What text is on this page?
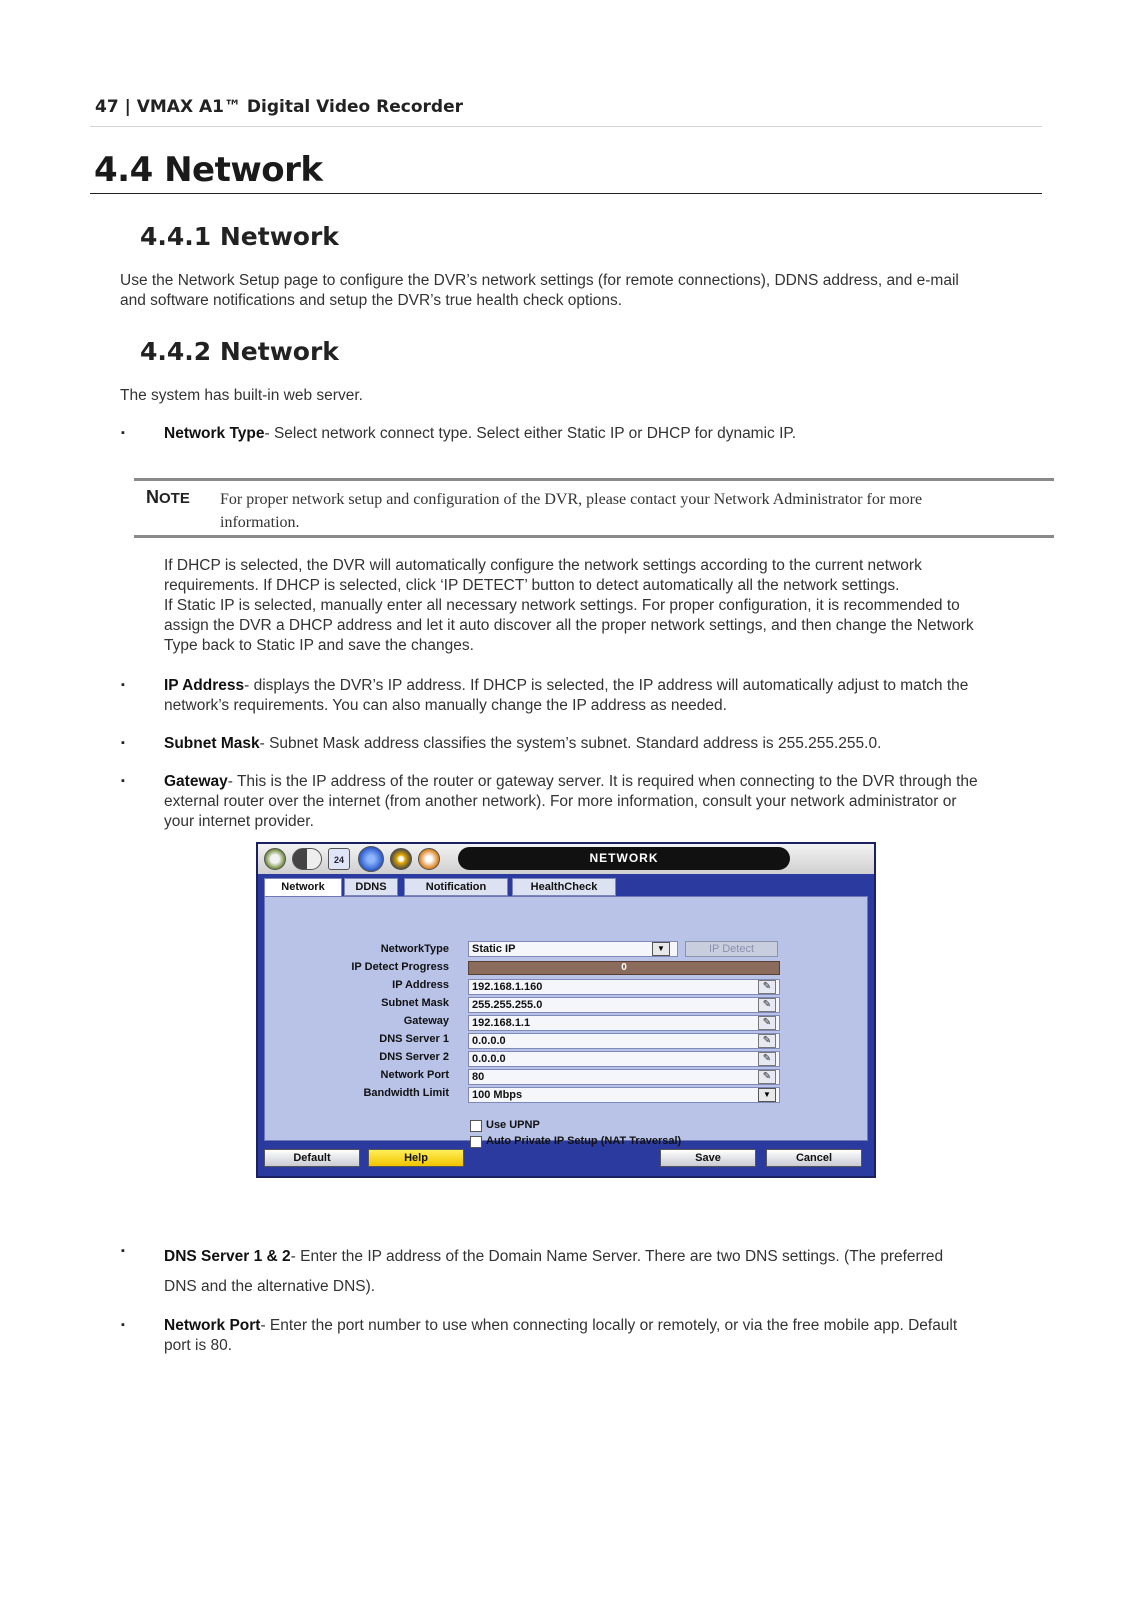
47 | VMAX A1™ Digital Video Recorder
4.4 Network
4.4.1 Network
Use the Network Setup page to configure the DVR’s network settings (for remote connections), DDNS address, and e-mail
and software notifications and setup the DVR’s true health check options.
4.4.2 Network
The system has built-in web server.
▪	Network Type- Select network connect type. Select either Static IP or DHCP for dynamic IP.
NOTE For proper network setup and configuration of the DVR, please contact your Network Administrator for more
information.
If DHCP is selected, the DVR will automatically configure the network settings according to the current network
requirements. If DHCP is selected, click ‘IP DETECT’ button to detect automatically all the network settings.
If Static IP is selected, manually enter all necessary network settings. For proper configuration, it is recommended to
assign the DVR a DHCP address and let it auto discover all the proper network settings, and then change the Network
Type back to Static IP and save the changes.
▪	IP Address- displays the DVR’s IP address. If DHCP is selected, the IP address will automatically adjust to match the
network’s requirements. You can also manually change the IP address as needed.
▪	Subnet Mask- Subnet Mask address classifies the system’s subnet. Standard address is 255.255.255.0.
▪	Gateway- This is the IP address of the router or gateway server. It is required when connecting to the DVR through the
external router over the internet (from another network). For more information, consult your network administrator or
your internet provider.
24	NETWORK
Network	DDNS	Notification	HealthCheck
NetworkType	Static IP	▼	IP Detect
IP Detect Progress	0
IP Address	192.168.1.160	✎
Subnet Mask	255.255.255.0	✎
Gateway	192.168.1.1	✎
DNS Server 1	0.0.0.0	✎
DNS Server 2	0.0.0.0	✎
Network Port	80	✎
Bandwidth Limit	100 Mbps	▼
Use UPNP
Auto Private IP Setup (NAT Traversal)
Default	Help	Save	Cancel
▪	DNS Server 1 & 2- Enter the IP address of the Domain Name Server. There are two DNS settings. (The preferred
DNS and the alternative DNS).
▪	Network Port- Enter the port number to use when connecting locally or remotely, or via the free mobile app. Default
port is 80.
